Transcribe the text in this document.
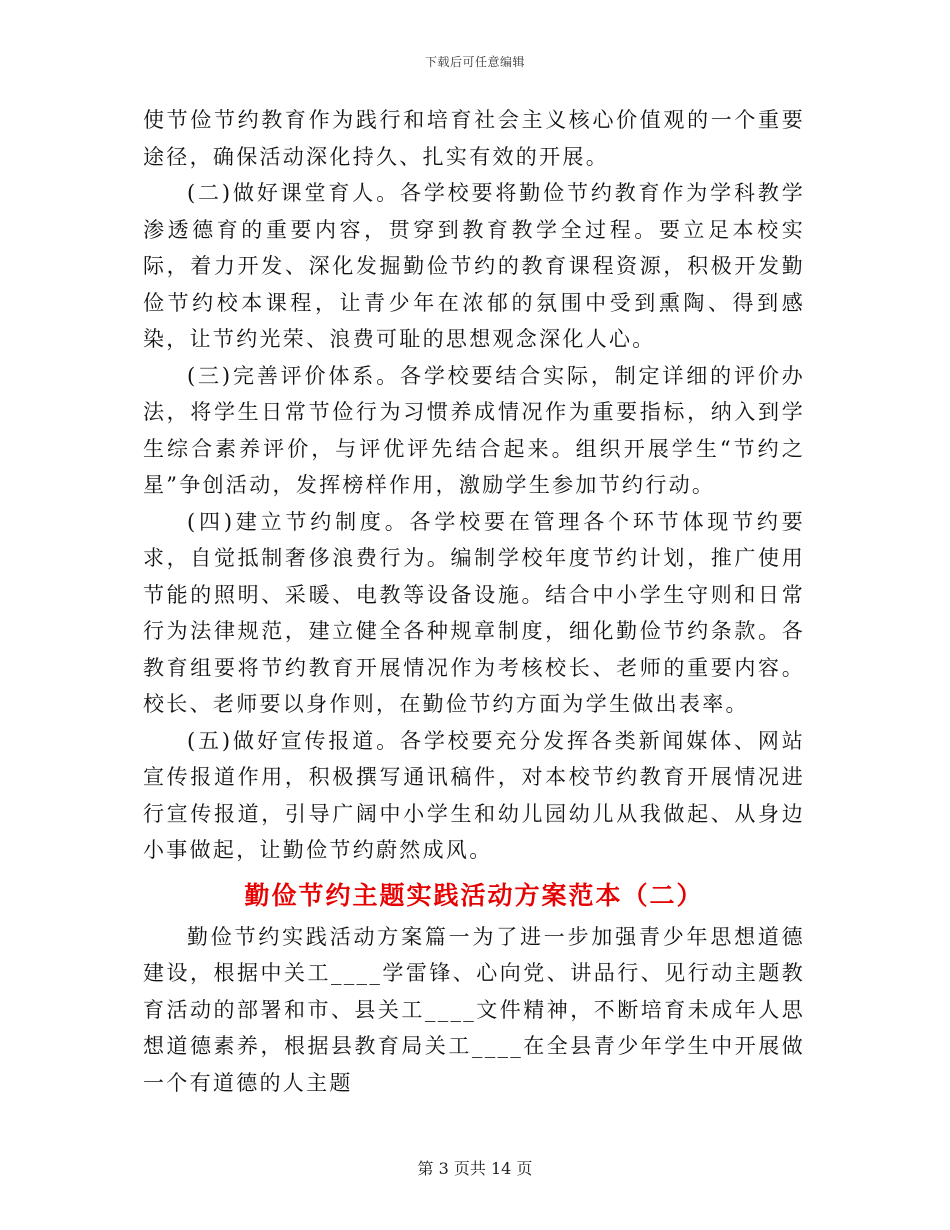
下载后可任意编辑

使节俭节约教育作为践行和培育社会主义核心价值观的一个重要途径，确保活动深化持久、扎实有效的开展。

(二)做好课堂育人。各学校要将勤俭节约教育作为学科教学渗透德育的重要内容，贯穿到教育教学全过程。要立足本校实际，着力开发、深化发掘勤俭节约的教育课程资源，积极开发勤俭节约校本课程，让青少年在浓郁的氛围中受到熏陶、得到感染，让节约光荣、浪费可耻的思想观念深化人心。

(三)完善评价体系。各学校要结合实际，制定详细的评价办法，将学生日常节俭行为习惯养成情况作为重要指标，纳入到学生综合素养评价，与评优评先结合起来。组织开展学生“节约之星”争创活动，发挥榜样作用，激励学生参加节约行动。

(四)建立节约制度。各学校要在管理各个环节体现节约要求，自觉抵制奢侈浪费行为。编制学校年度节约计划，推广使用节能的照明、采暖、电教等设备设施。结合中小学生守则和日常行为法律规范，建立健全各种规章制度，细化勤俭节约条款。各教育组要将节约教育开展情况作为考核校长、老师的重要内容。校长、老师要以身作则，在勤俭节约方面为学生做出表率。

(五)做好宣传报道。各学校要充分发挥各类新闻媒体、网站宣传报道作用，积极撰写通讯稿件，对本校节约教育开展情况进行宣传报道，引导广阔中小学生和幼儿园幼儿从我做起、从身边小事做起，让勤俭节约蔚然成风。

勤俭节约主题实践活动方案范本（二）

勤俭节约实践活动方案篇一为了进一步加强青少年思想道德建设，根据中关工____学雷锋、心向党、讲品行、见行动主题教育活动的部署和市、县关工____文件精神，不断培育未成年人思想道德素养，根据县教育局关工____在全县青少年学生中开展做一个有道德的人主题

第 3 页共 14 页
